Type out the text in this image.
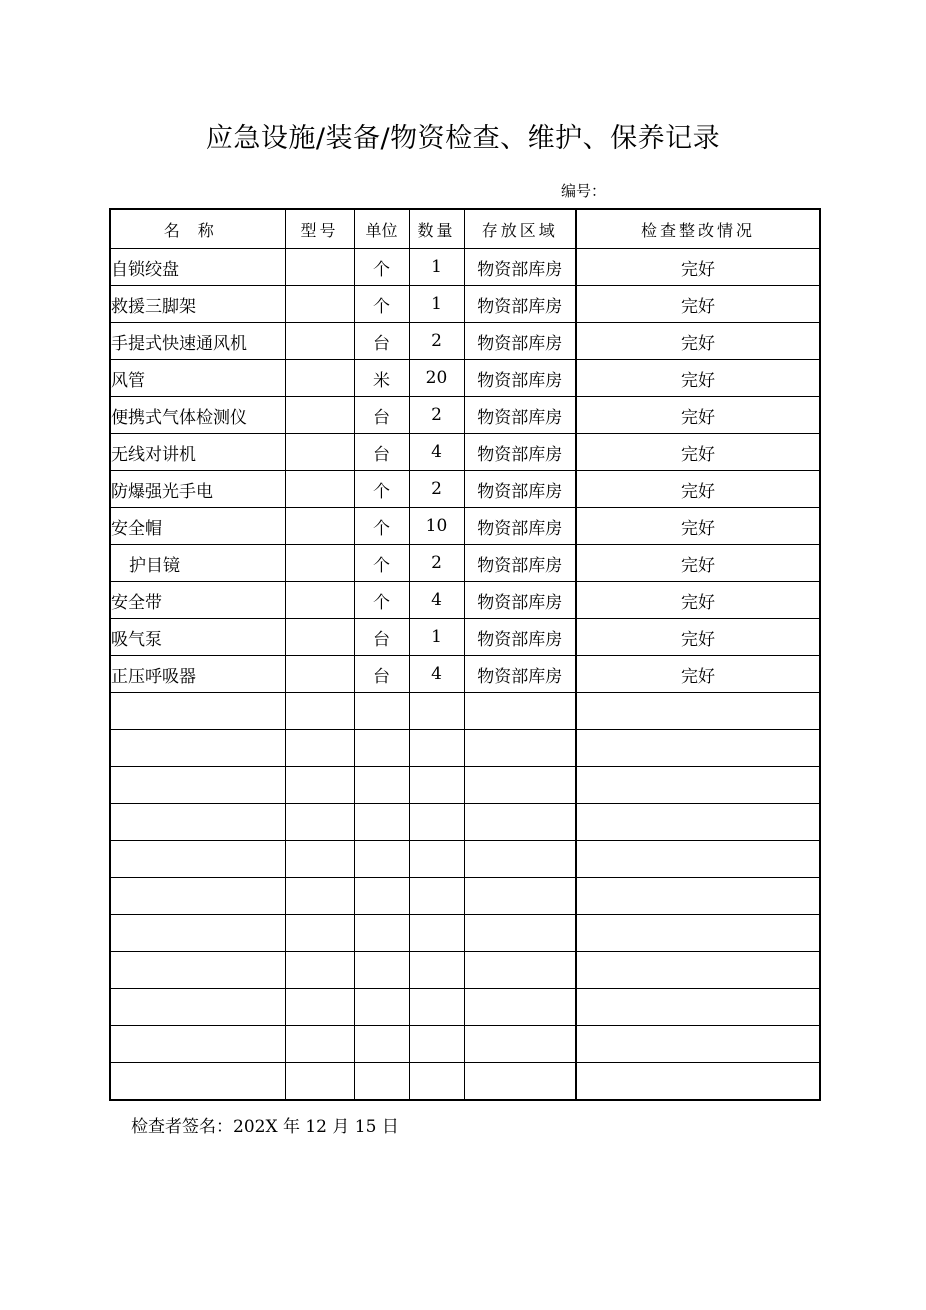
应急设施/装备/物资检查、维护、保养记录
编号：
名称	型号	单位	数量	存放区域	检查整改情况
自锁绞盘		个	1	物资部库房	完好
救援三脚架		个	1	物资部库房	完好
手提式快速通风机		台	2	物资部库房	完好
风管		米	20	物资部库房	完好
便携式气体检测仪		台	2	物资部库房	完好
无线对讲机		台	4	物资部库房	完好
防爆强光手电		个	2	物资部库房	完好
安全帽		个	10	物资部库房	完好
护目镜		个	2	物资部库房	完好
安全带		个	4	物资部库房	完好
吸气泵		台	1	物资部库房	完好
正压呼吸器		台	4	物资部库房	完好

检查者签名：202X 年 12 月 15 日
